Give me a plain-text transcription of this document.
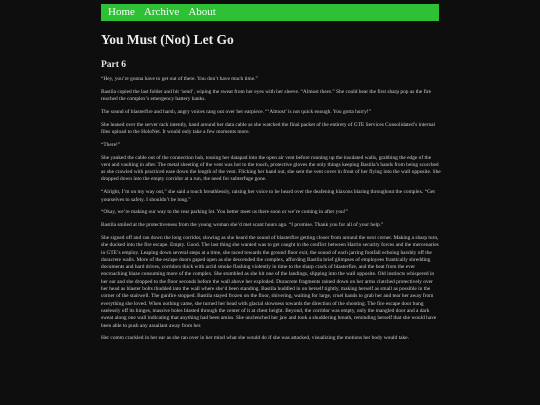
Home Archive About
You Must (Not) Let Go
Part 6

“Hey, you’re gonna have to get out of there. You don’t have much time.”

Bastila copied the last folder and hit ‘send’, wiping the sweat from her eyes with her sleeve. “Almost there.” She could hear the first sharp pop as the fire reached the complex’s emergency battery banks.

The sound of blasterfire and harsh, angry voices rang out over her earpiece. “‘Almost’ is not quick enough. You gotta hurry!”

She leaned over the server rack intently, hand around her data cable as she watched the final packet of the entirety of GTE Services Consolidated’s internal files upload to the HoloNet. It would only take a few moments more.

“There!”

She yanked the cable out of the connection hub, tossing her datapad into the open air vent before running up the insulated walls, grabbing the edge of the vent and vaulting in after. The metal sheeting of the vent was hot to the touch, protective gloves the only things keeping Bastila’s hands from being scorched as she crawled with practiced ease down the length of the vent. Flicking her hand out, she sent the vent cover in front of her flying into the wall opposite. She dropped down into the empty corridor at a run, the need for subterfuge gone.

“Alright, I’m on my way out,” she said a touch breathlessly, raising her voice to be heard over the deafening klaxons blaring throughout the complex. “Get yourselves to safety. I shouldn’t be long.”

“Okay, we’re making our way to the rear parking lot. You better meet us there soon or we’re coming in after you!”

Bastila smiled at the protectiveness from the young woman she’d met scant hours ago. “I promise. Thank you for all of your help.”

She signed off and ran down the long corridor, slowing as she heard the sound of blasterfire getting closer from around the next corner. Making a sharp turn, she ducked into the fire escape. Empty. Good. The last thing she wanted was to get caught in the conflict between Harrin security forces and the mercenaries in GTE’s employ. Leaping down several steps at a time, she raced towards the ground floor exit, the sound of each jarring footfall echoing harshly off the duracrete walls. More of the escape doors gaped open as she descended the complex, affording Bastila brief glimpses of employees frantically shredding documents and hard drives, corridors thick with acrid smoke flashing violently in time to the sharp crack of blasterfire, and the heat from the ever encroaching blaze consuming more of the complex. She stumbled as she hit one of the landings, slipping into the wall opposite. Old instincts whispered in her ear and she dropped to the floor seconds before the wall above her exploded. Duracrete fragments rained down on her arms clutched protectively over her head as blaster bolts thudded into the wall where she’d been standing. Bastila huddled in on herself tightly, making herself as small as possible in the corner of the stairwell. The gunfire stopped. Bastila stayed frozen on the floor, shivering, waiting for large, cruel hands to grab her and tear her away from everything she loved. When nothing came, she turned her head with glacial slowness towards the direction of the shooting. The fire escape door hung uselessly off its hinges, massive holes blasted through the center of it at chest height. Beyond, the corridor was empty, only the mangled door and a dark sweat along one wall indicating that anything had been amiss. She unclenched her jaw and took a shuddering breath, reminding herself that she would have been able to push any assailant away from her.

Her comm crackled in her ear as she ran over in her mind what she would do if she was attacked, visualizing the motions her body would take.
